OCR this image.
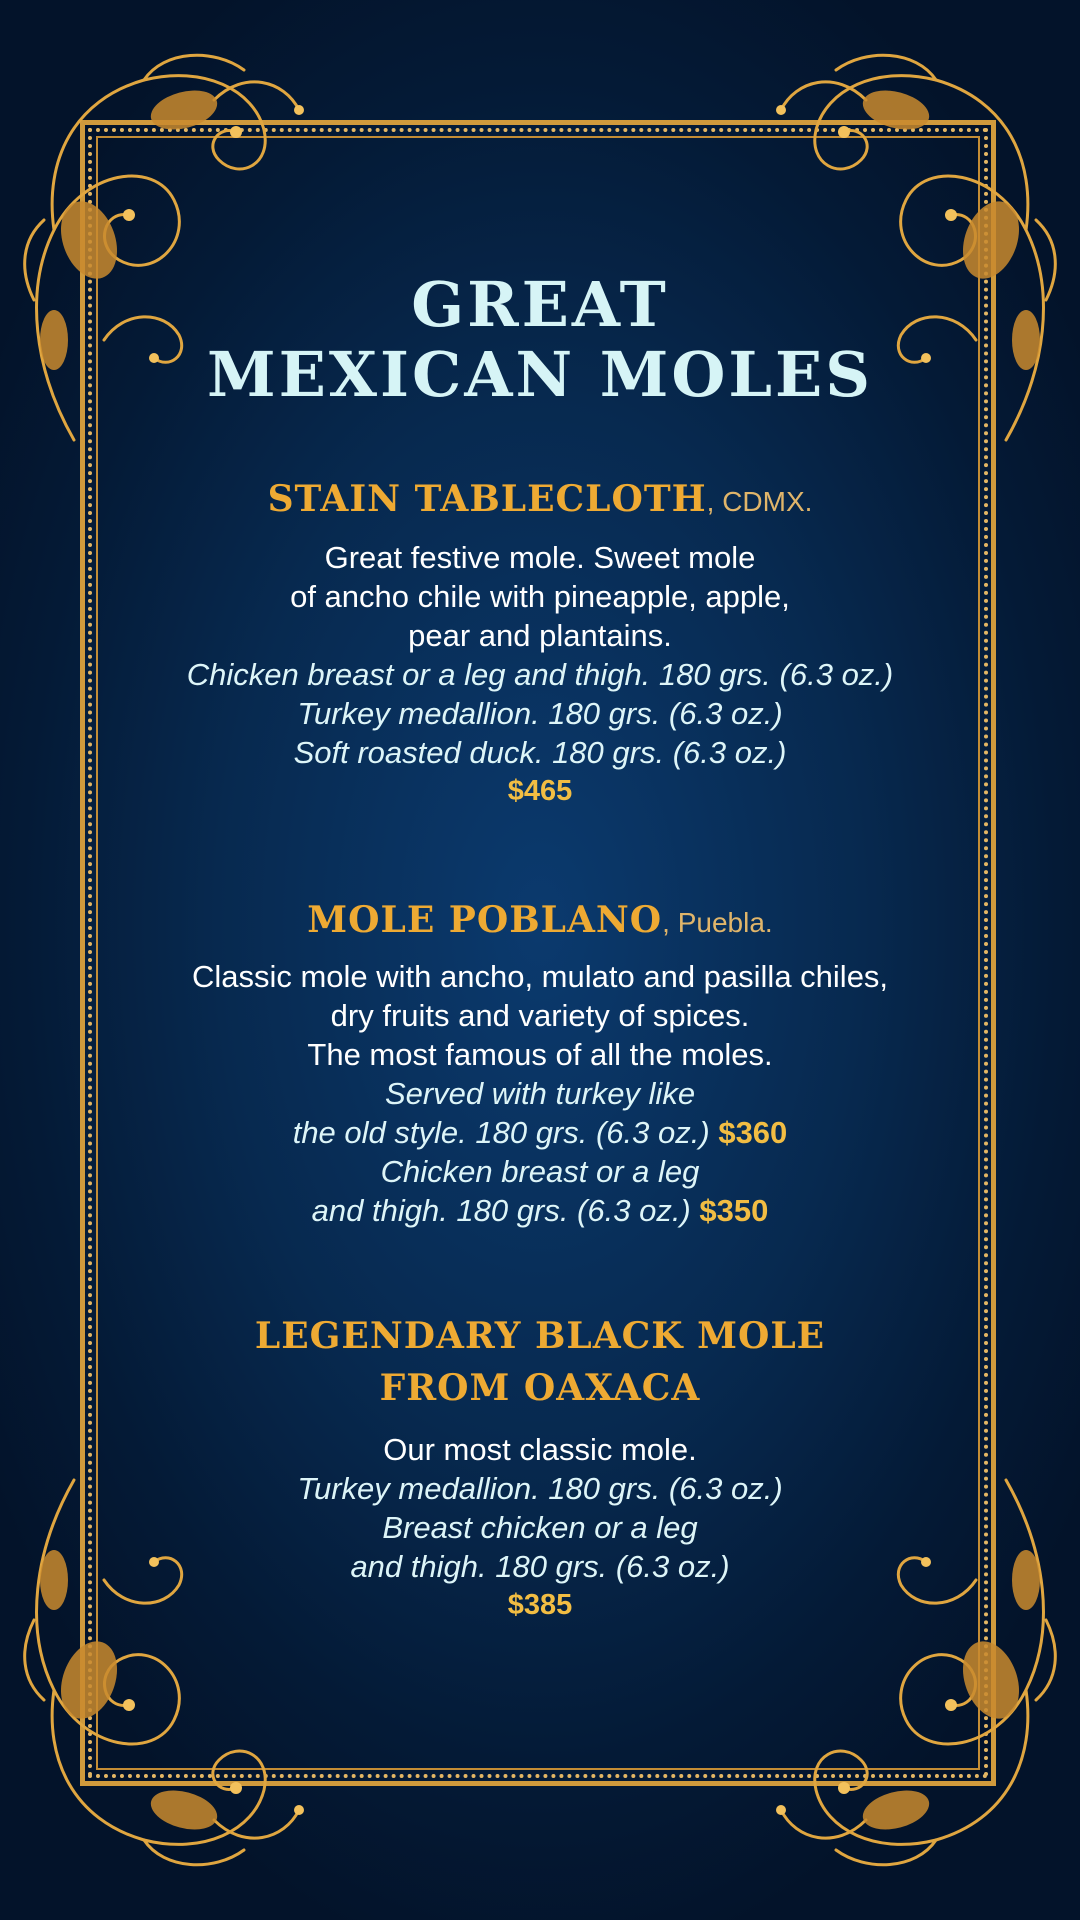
GREAT
MEXICAN MOLES

STAIN TABLECLOTH, CDMX.

Great festive mole. Sweet mole

of ancho chile with pineapple, apple,

pear and plantains.

Chicken breast or a leg and thigh. 180 grs. (6.3 oz.)

Turkey medallion. 180 grs. (6.3 oz.)

Soft roasted duck. 180 grs. (6.3 oz.)

$465

MOLE POBLANO, Puebla.

Classic mole with ancho, mulato and pasilla chiles,

dry fruits and variety of spices.

The most famous of all the moles.

Served with turkey like

the old style. 180 grs. (6.3 oz.) $360

Chicken breast or a leg

and thigh. 180 grs. (6.3 oz.) $350

LEGENDARY BLACK MOLE
FROM OAXACA

Our most classic mole.

Turkey medallion. 180 grs. (6.3 oz.)

Breast chicken or a leg

and thigh. 180 grs. (6.3 oz.)

$385
